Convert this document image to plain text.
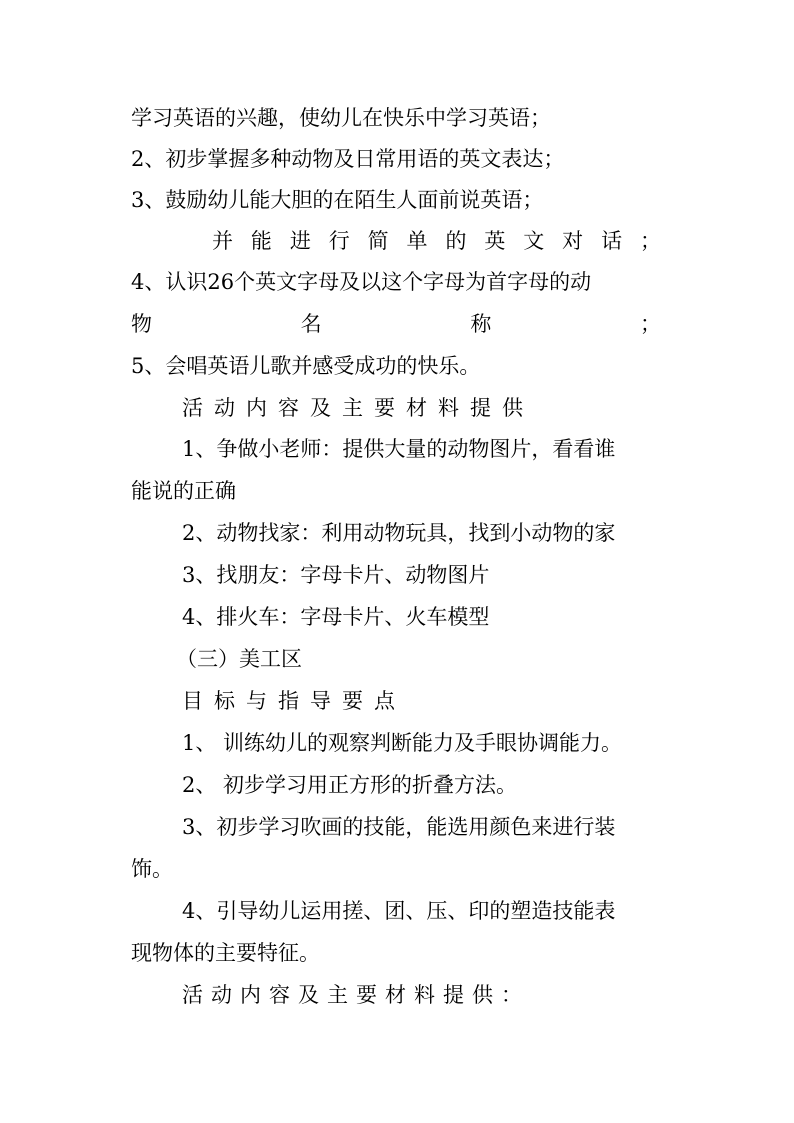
学习英语的兴趣，使幼儿在快乐中学习英语；
2、初步掌握多种动物及日常用语的英文表达；
3、鼓励幼儿能大胆的在陌生人面前说英语；
并 能 进 行 简 单 的 英 文 对 话 ；
4、认识26个英文字母及以这个字母为首字母的动
物	名	称	；
5、会唱英语儿歌并感受成功的快乐。
活动内容及主要材料提供
1、争做小老师：提供大量的动物图片，看看谁
能说的正确
2、动物找家：利用动物玩具，找到小动物的家
3、找朋友：字母卡片、动物图片
4、排火车：字母卡片、火车模型
（三）美工区
目标与指导要点
1、 训练幼儿的观察判断能力及手眼协调能力。
2、 初步学习用正方形的折叠方法。
3、初步学习吹画的技能，能选用颜色来进行装
饰。
4、引导幼儿运用搓、团、压、印的塑造技能表
现物体的主要特征。
活动内容及主要材料提供：
